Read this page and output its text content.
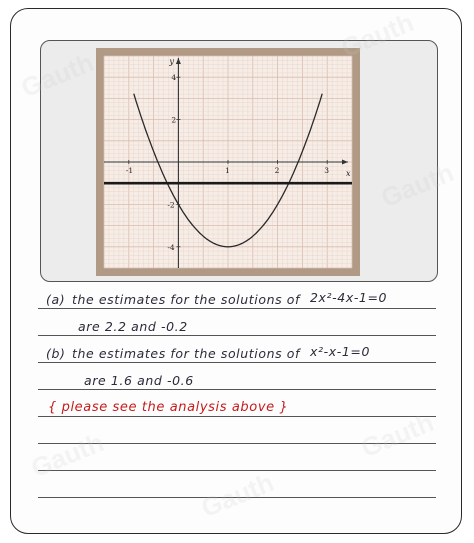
x
y
-1	1	2	3
4
2
-2
-4
(a) the estimates for the solutions of 2x²-4x-1=0
are 2.2 and -0.2
(b) the estimates for the solutions of x²-x-1=0
are 1.6 and -0.6
{ please see the analysis above }
